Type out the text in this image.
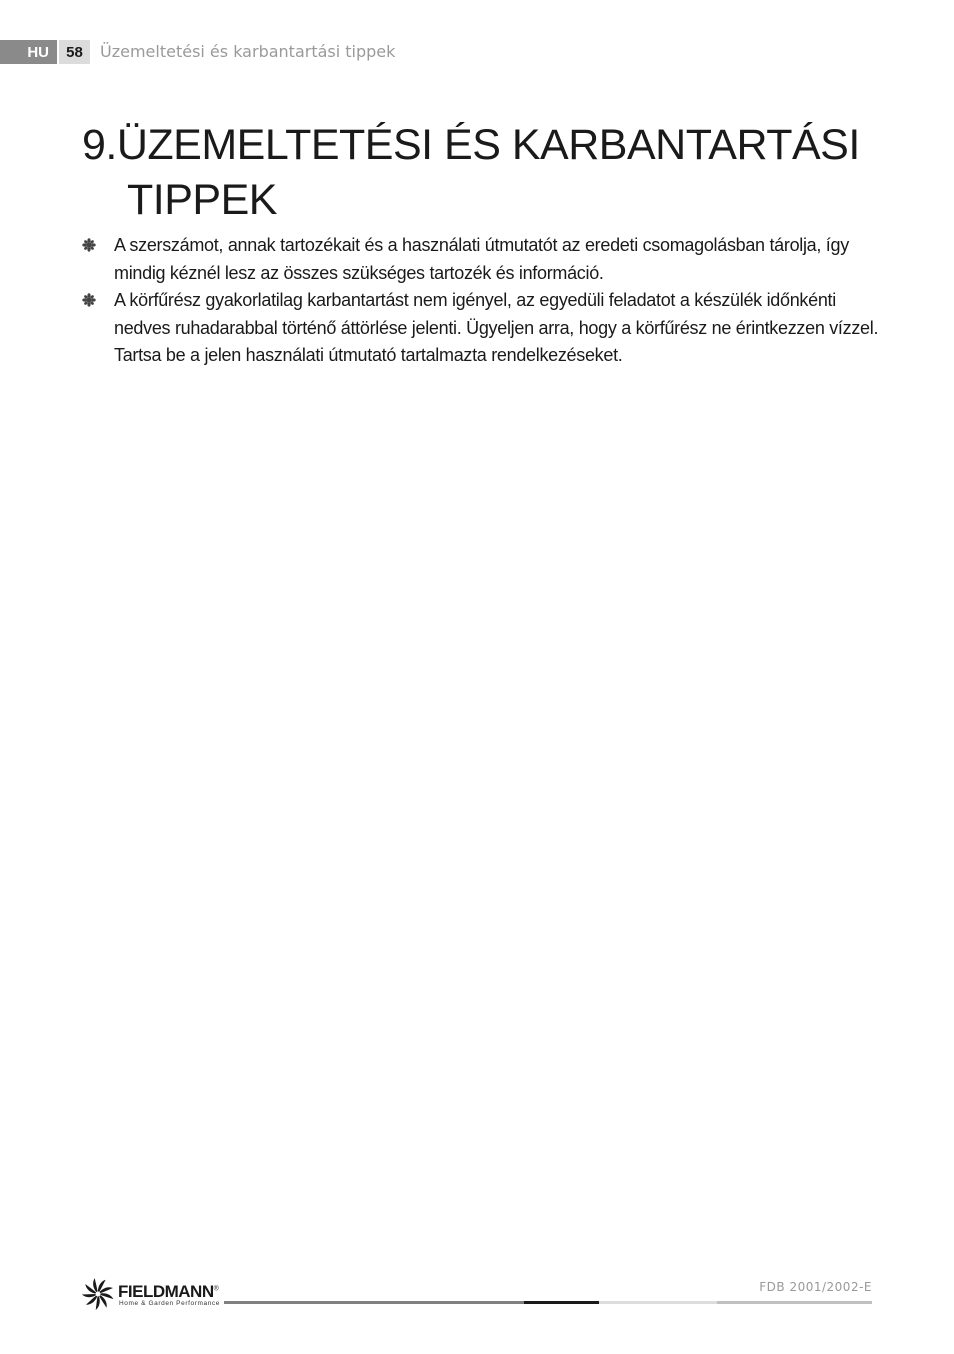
HU	58	Üzemeltetési és karbantartási tippek
9.ÜZEMELTETÉSI ÉS KARBANTARTÁSI
TIPPEK
A szerszámot, annak tartozékait és a használati útmutatót az eredeti csomagolásban tárolja, így mindig kéznél lesz az összes szükséges tartozék és információ.
A körfűrész gyakorlatilag karbantartást nem igényel, az egyedüli feladatot a készülék időnkénti nedves ruhadarabbal történő áttörlése jelenti. Ügyeljen arra, hogy a körfűrész ne érintkezzen vízzel. Tartsa be a jelen használati útmutató tartalmazta rendelkezéseket.
FIELDMANN®
Home & Garden Performance
FDB 2001/2002-E
